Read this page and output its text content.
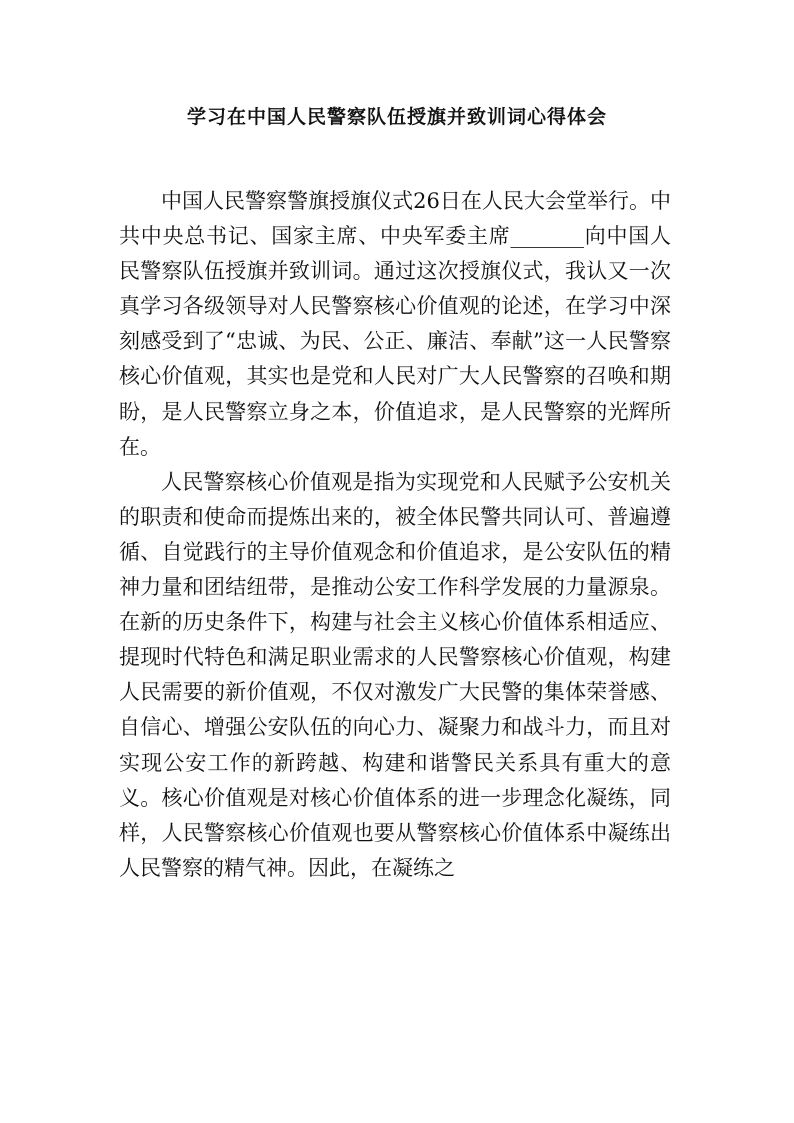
学习在中国人民警察队伍授旗并致训词心得体会

中国人民警察警旗授旗仪式26日在人民大会堂举行。中共中央总书记、国家主席、中央军委主席_______向中国人民警察队伍授旗并致训词。通过这次授旗仪式，我认又一次真学习各级领导对人民警察核心价值观的论述，在学习中深刻感受到了“忠诚、为民、公正、廉洁、奉献”这一人民警察核心价值观，其实也是党和人民对广大人民警察的召唤和期盼，是人民警察立身之本，价值追求，是人民警察的光辉所在。

人民警察核心价值观是指为实现党和人民赋予公安机关的职责和使命而提炼出来的，被全体民警共同认可、普遍遵循、自觉践行的主导价值观念和价值追求，是公安队伍的精神力量和团结纽带，是推动公安工作科学发展的力量源泉。在新的历史条件下，构建与社会主义核心价值体系相适应、提现时代特色和满足职业需求的人民警察核心价值观，构建人民需要的新价值观，不仅对激发广大民警的集体荣誉感、自信心、增强公安队伍的向心力、凝聚力和战斗力，而且对实现公安工作的新跨越、构建和谐警民关系具有重大的意义。核心价值观是对核心价值体系的进一步理念化凝练，同样，人民警察核心价值观也要从警察核心价值体系中凝练出人民警察的精气神。因此，在凝练之
